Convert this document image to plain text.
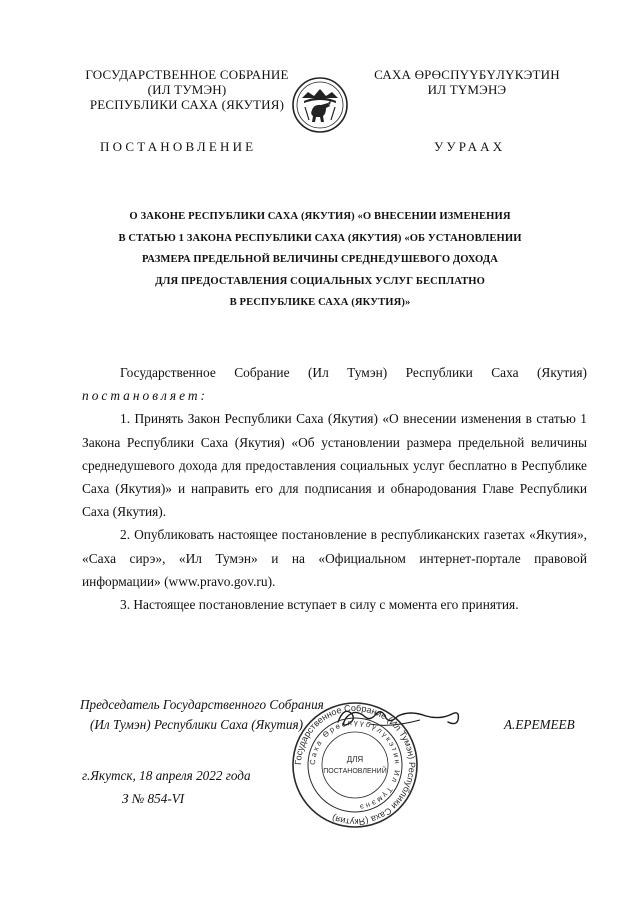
ГОСУДАРСТВЕННОЕ СОБРАНИЕ
(ИЛ ТУМЭН)
РЕСПУБЛИКИ САХА (ЯКУТИЯ)
САХА ӨРӨСПҮҮБҮЛҮКЭТИН
ИЛ ТҮМЭНЭ
ПОСТАНОВЛЕНИЕ	УУРААХ
О ЗАКОНЕ РЕСПУБЛИКИ САХА (ЯКУТИЯ) «О ВНЕСЕНИИ ИЗМЕНЕНИЯ
В СТАТЬЮ 1 ЗАКОНА РЕСПУБЛИКИ САХА (ЯКУТИЯ) «ОБ УСТАНОВЛЕНИИ
РАЗМЕРА ПРЕДЕЛЬНОЙ ВЕЛИЧИНЫ СРЕДНЕДУШЕВОГО ДОХОДА
ДЛЯ ПРЕДОСТАВЛЕНИЯ СОЦИАЛЬНЫХ УСЛУГ БЕСПЛАТНО
В РЕСПУБЛИКЕ САХА (ЯКУТИЯ)»

Государственное Собрание (Ил Тумэн) Республики Саха (Якутия)

постановляет:

1. Принять Закон Республики Саха (Якутия) «О внесении изменения в статью 1 Закона Республики Саха (Якутия) «Об установлении размера предельной величины среднедушевого дохода для предоставления социальных услуг бесплатно в Республике Саха (Якутия)» и направить его для подписания и обнародования Главе Республики Саха (Якутия).

2. Опубликовать настоящее постановление в республиканских газетах «Якутия», «Саха сирэ», «Ил Тумэн» и на «Официальном интернет-портале правовой информации» (www.pravo.gov.ru).

3. Настоящее постановление вступает в силу с момента его принятия.

Председатель Государственного Собрания
(Ил Тумэн) Республики Саха (Якутия)	А.ЕРЕМЕЕВ
г.Якутск, 18 апреля 2022 года
З № 854-VI
Государственное Собрание (Ил Тумэн) Республики Саха (Якутия)
Саха Өрөспүүбүлүкэтин Ил Түмэнэ
ДЛЯ
ПОСТАНОВЛЕНИЙ
